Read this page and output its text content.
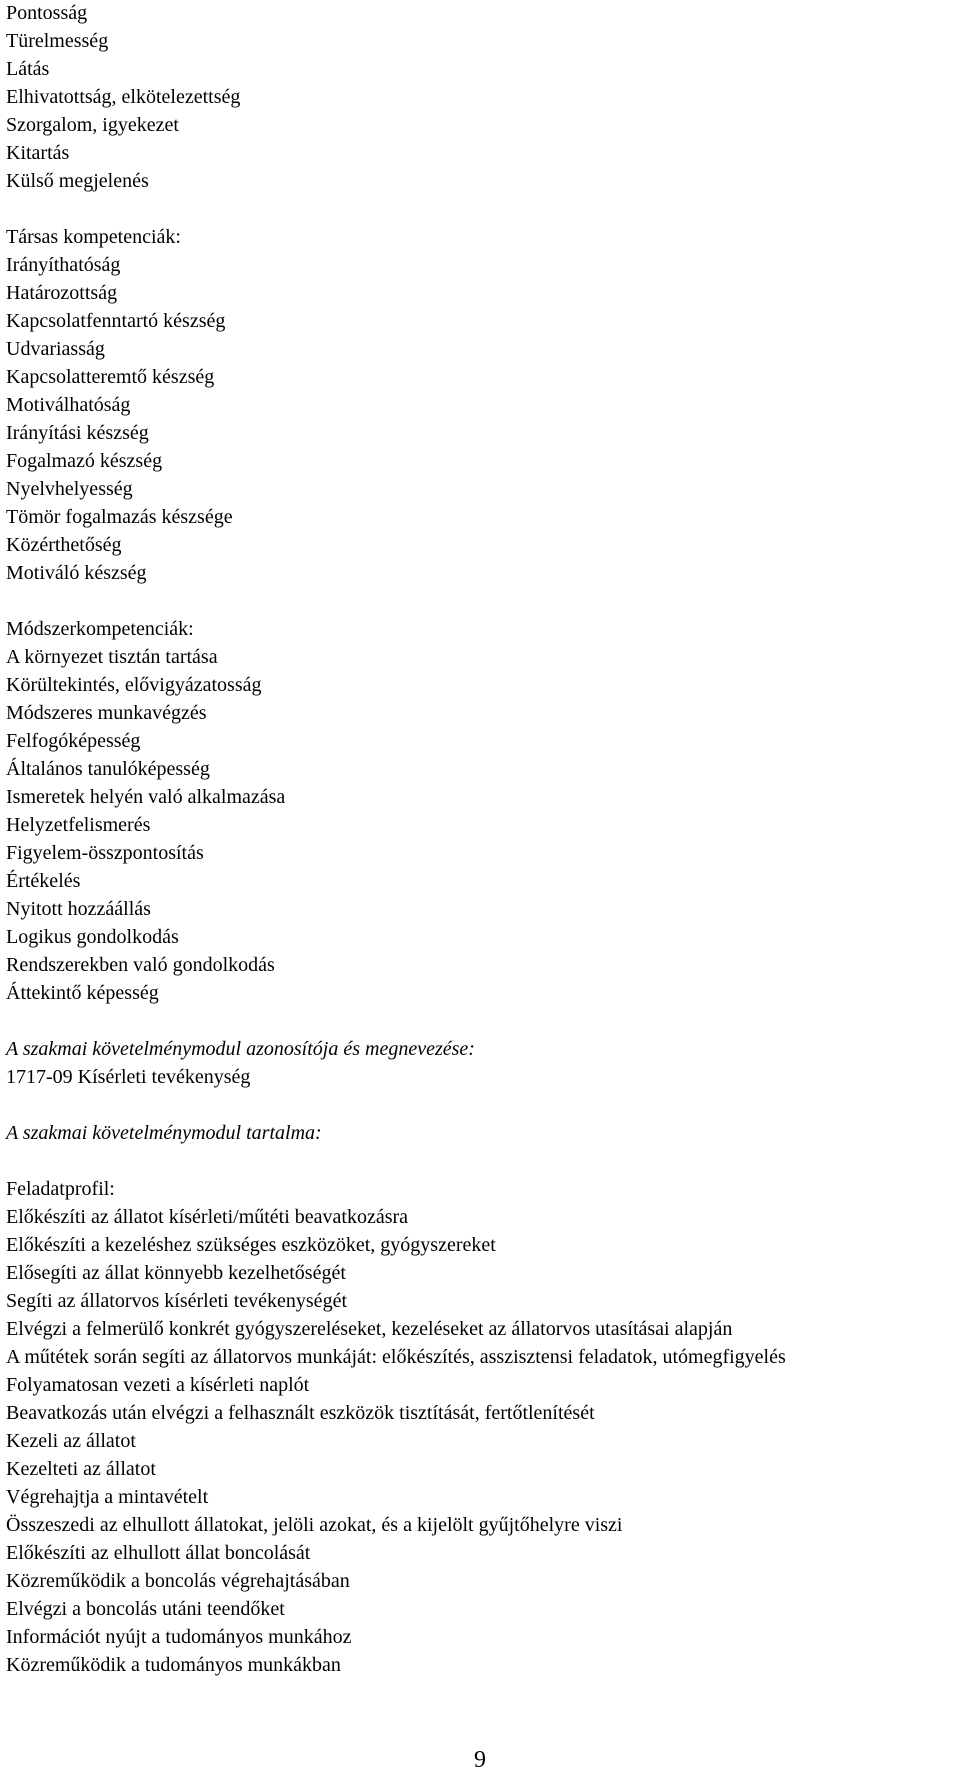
Pontosság
Türelmesség
Látás
Elhivatottság, elkötelezettség
Szorgalom, igyekezet
Kitartás
Külső megjelenés
Társas kompetenciák:
Irányíthatóság
Határozottság
Kapcsolatfenntartó készség
Udvariasság
Kapcsolatteremtő készség
Motiválhatóság
Irányítási készség
Fogalmazó készség
Nyelvhelyesség
Tömör fogalmazás készsége
Közérthetőség
Motiváló készség
Módszerkompetenciák:
A környezet tisztán tartása
Körültekintés, elővigyázatosság
Módszeres munkavégzés
Felfogóképesség
Általános tanulóképesség
Ismeretek helyén való alkalmazása
Helyzetfelismerés
Figyelem-összpontosítás
Értékelés
Nyitott hozzáállás
Logikus gondolkodás
Rendszerekben való gondolkodás
Áttekintő képesség
A szakmai követelménymodul azonosítója és megnevezése:
1717-09 Kísérleti tevékenység
A szakmai követelménymodul tartalma:
Feladatprofil:
Előkészíti az állatot kísérleti/műtéti beavatkozásra
Előkészíti a kezeléshez szükséges eszközöket, gyógyszereket
Elősegíti az állat könnyebb kezelhetőségét
Segíti az állatorvos kísérleti tevékenységét
Elvégzi a felmerülő konkrét gyógyszereléseket, kezeléseket az állatorvos utasításai alapján
A műtétek során segíti az állatorvos munkáját: előkészítés, asszisztensi feladatok, utómegfigyelés
Folyamatosan vezeti a kísérleti naplót
Beavatkozás után elvégzi a felhasznált eszközök tisztítását, fertőtlenítését
Kezeli az állatot
Kezelteti az állatot
Végrehajtja a mintavételt
Összeszedi az elhullott állatokat, jelöli azokat, és a kijelölt gyűjtőhelyre viszi
Előkészíti az elhullott állat boncolását
Közreműködik a boncolás végrehajtásában
Elvégzi a boncolás utáni teendőket
Információt nyújt a tudományos munkához
Közreműködik a tudományos munkákban
9
